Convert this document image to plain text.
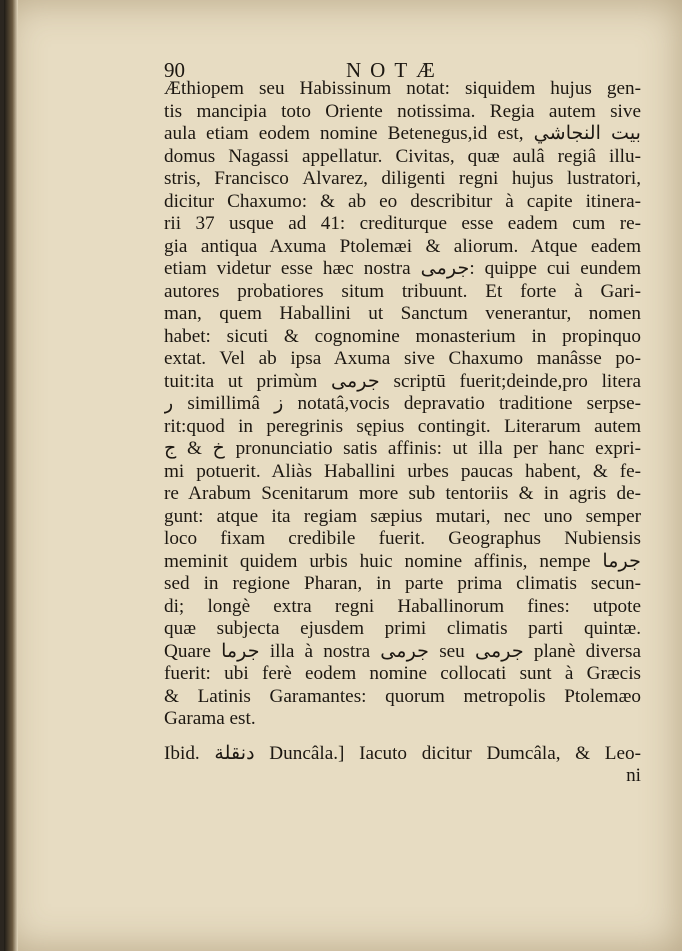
90	NOTÆ
Æthiopem seu Habissinum notat: siquidem hujus gen-
tis mancipia toto Oriente notissima. Regia autem sive
aula etiam eodem nomine Betenegus,id est, بيت النجاشي
domus Nagassi appellatur. Civitas, quæ aulâ regiâ illu-
stris, Franciscо Alvarez, diligenti regni hujus lustratori,
dicitur Chaxumo: & ab eo describitur à capite itinera-
rii 37 usque ad 41: crediturque esse eadem cum re-
gia antiqua Axuma Ptolemæi & aliorum. Atque eadem
etiam videtur esse hæc nostra جرمى: quippe cui eundem
autores probatiores situm tribuunt. Et forte à Gari-
man, quem Haballini ut Sanctum venerantur, nomen
habet: sicuti & cognomine monasterium in propinquo
extat. Vel ab ipsa Axuma sive Chaxumo manâsse po-
tuit:ita ut primùm جرمى scriptū fuerit;deinde,pro litera
ر simillimâ ز notatâ,vocis depravatio traditione serpse-
rit:quod in peregrinis sępius contingit. Literarum autem
خ & ج pronunciatio satis affinis: ut illa per hanc expri-
mi potuerit. Aliàs Haballini urbes paucas habent, & fe-
re Arabum Scenitarum more sub tentoriis & in agris de-
gunt: atque ita regiam sæpius mutari, nec uno semper
loco fixam credibile fuerit. Geographus Nubiensis
meminit quidem urbis huic nomine affinis, nempe جرما
sed in regione Pharan, in parte prima climatis secun-
di; longè extra regni Haballinorum fines: utpote
quæ subjecta ejusdem primi climatis parti quintæ.
Quare جرما illa à nostra جرمى seu جرمى planè diversa
fuerit: ubi ferè eodem nomine collocati sunt à Græcis
& Latinis Garamantes: quorum metropolis Ptolemæo
Garama est.
Ibid. دنقلة Duncâla.] Iacuto dicitur Dumcâla, & Leo-
ni
